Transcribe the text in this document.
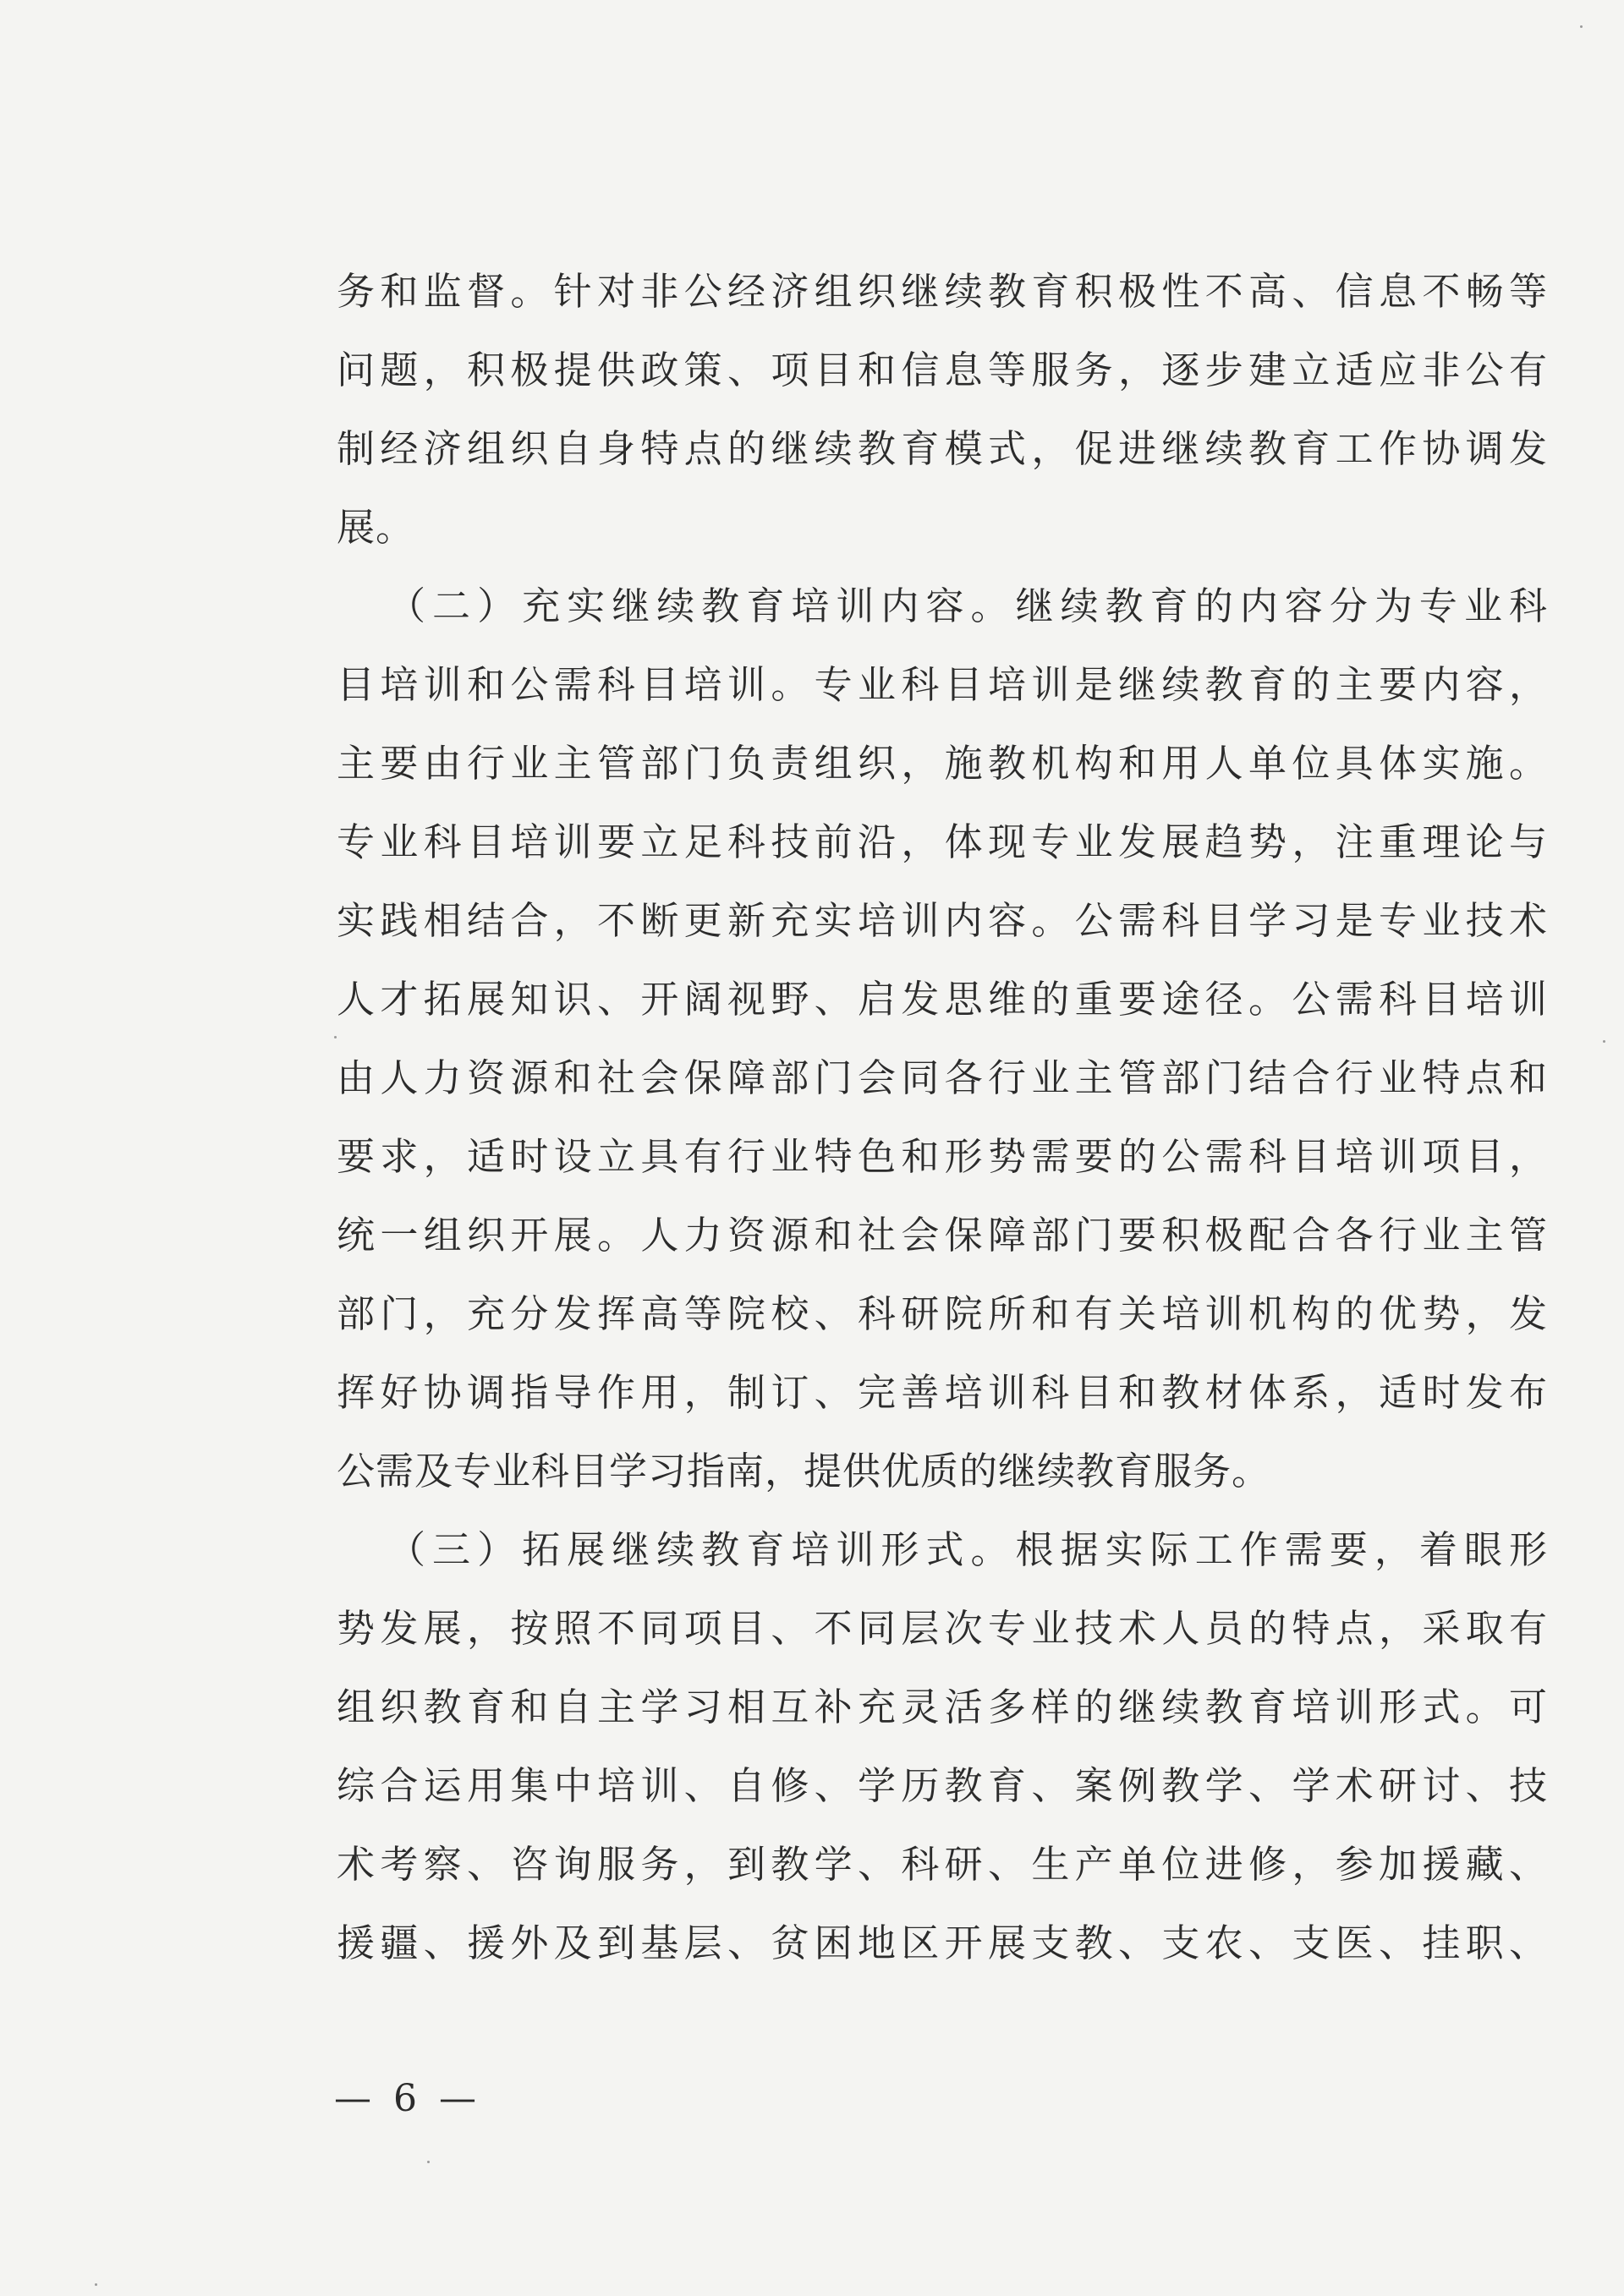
务和监督。针对非公经济组织继续教育积极性不高、信息不畅等
问题，积极提供政策、项目和信息等服务，逐步建立适应非公有
制经济组织自身特点的继续教育模式，促进继续教育工作协调发
展。
（二）充实继续教育培训内容。继续教育的内容分为专业科
目培训和公需科目培训。专业科目培训是继续教育的主要内容，
主要由行业主管部门负责组织，施教机构和用人单位具体实施。
专业科目培训要立足科技前沿，体现专业发展趋势，注重理论与
实践相结合，不断更新充实培训内容。公需科目学习是专业技术
人才拓展知识、开阔视野、启发思维的重要途径。公需科目培训
由人力资源和社会保障部门会同各行业主管部门结合行业特点和
要求，适时设立具有行业特色和形势需要的公需科目培训项目，
统一组织开展。人力资源和社会保障部门要积极配合各行业主管
部门，充分发挥高等院校、科研院所和有关培训机构的优势，发
挥好协调指导作用，制订、完善培训科目和教材体系，适时发布
公需及专业科目学习指南，提供优质的继续教育服务。
（三）拓展继续教育培训形式。根据实际工作需要，着眼形
势发展，按照不同项目、不同层次专业技术人员的特点，采取有
组织教育和自主学习相互补充灵活多样的继续教育培训形式。可
综合运用集中培训、自修、学历教育、案例教学、学术研讨、技
术考察、咨询服务，到教学、科研、生产单位进修，参加援藏、
援疆、援外及到基层、贫困地区开展支教、支农、支医、挂职、
— 6 —
